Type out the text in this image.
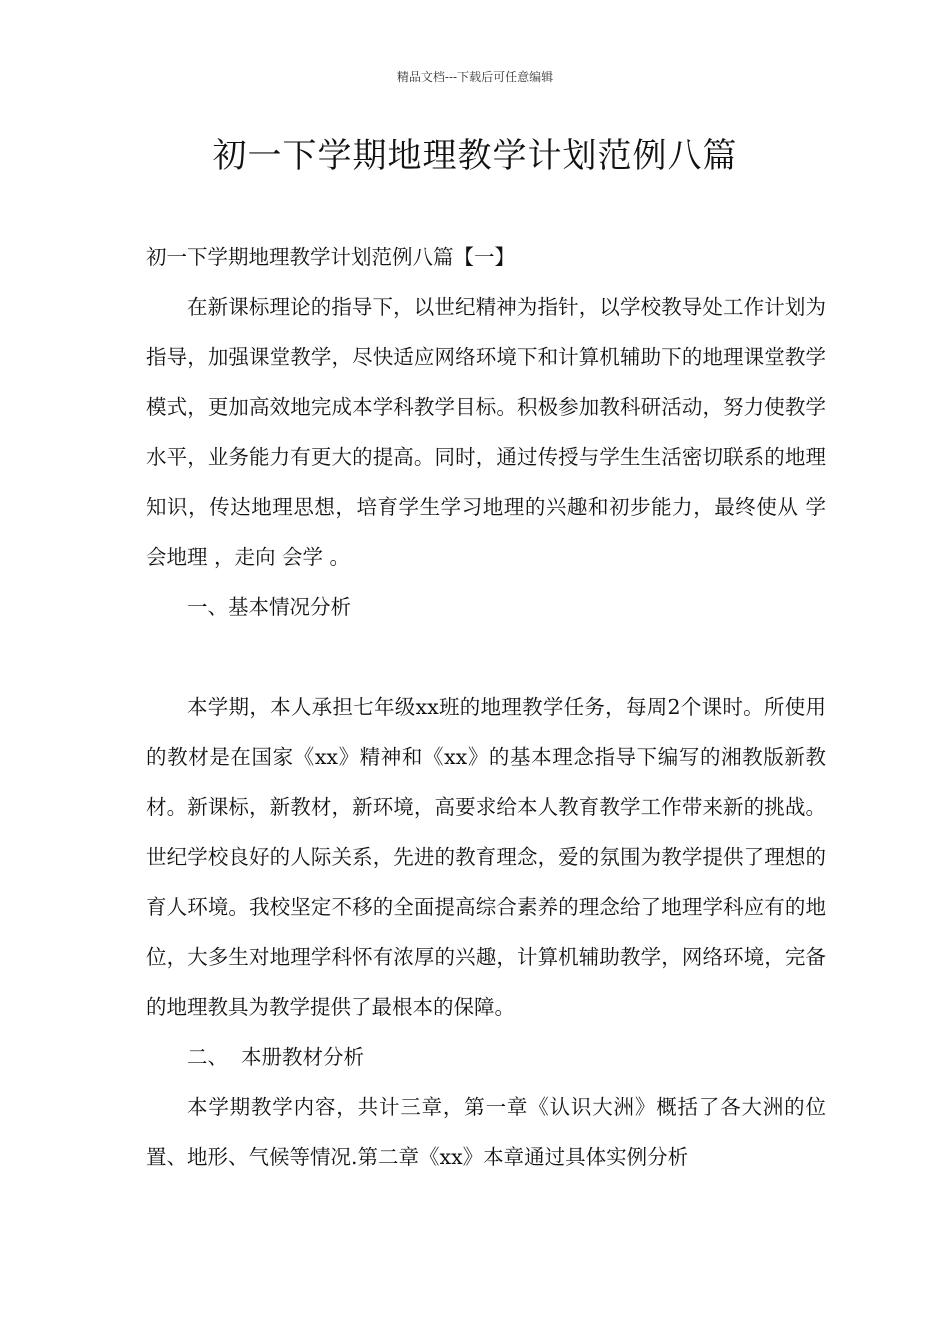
精品文档---下载后可任意编辑
初一下学期地理教学计划范例八篇

初一下学期地理教学计划范例八篇【一】

在新课标理论的指导下，以世纪精神为指针，以学校教导处工作计划为指导，加强课堂教学，尽快适应网络环境下和计算机辅助下的地理课堂教学模式，更加高效地完成本学科教学目标。积极参加教科研活动，努力使教学水平，业务能力有更大的提高。同时，通过传授与学生生活密切联系的地理知识，传达地理思想，培育学生学习地理的兴趣和初步能力，最终使从 学会地理 ，走向 会学 。

一、基本情况分析

本学期，本人承担七年级xx班的地理教学任务，每周2个课时。所使用的教材是在国家《xx》精神和《xx》的基本理念指导下编写的湘教版新教材。新课标，新教材，新环境，高要求给本人教育教学工作带来新的挑战。世纪学校良好的人际关系，先进的教育理念，爱的氛围为教学提供了理想的育人环境。我校坚定不移的全面提高综合素养的理念给了地理学科应有的地位，大多生对地理学科怀有浓厚的兴趣，计算机辅助教学，网络环境，完备的地理教具为教学提供了最根本的保障。

二、  本册教材分析

本学期教学内容，共计三章，第一章《认识大洲》概括了各大洲的位置、地形、气候等情况.第二章《xx》本章通过具体实例分析
